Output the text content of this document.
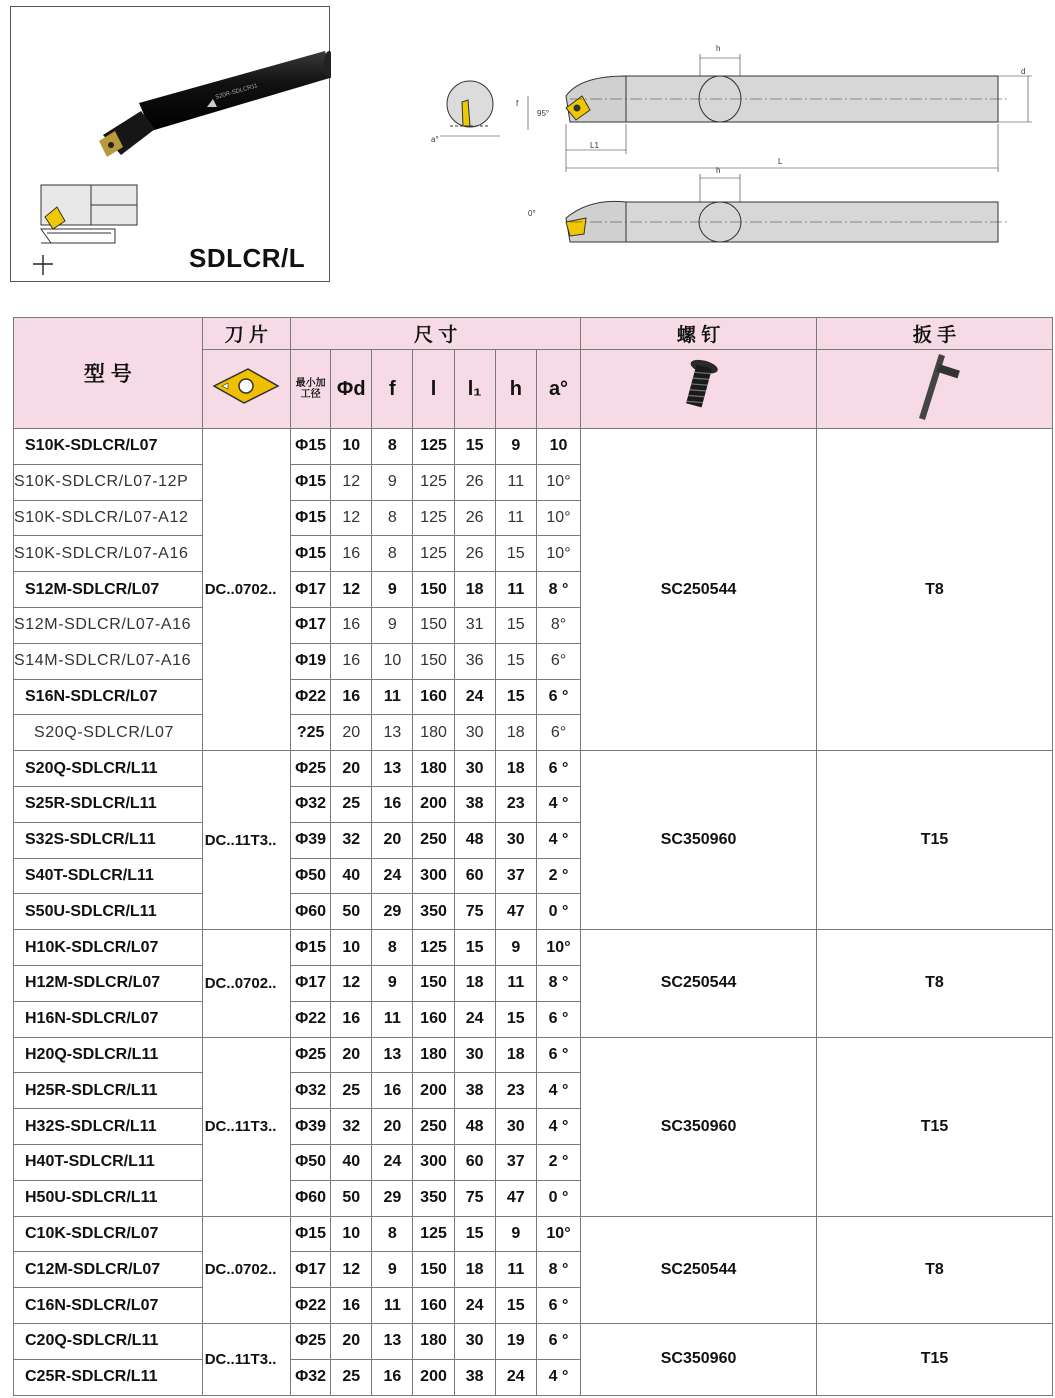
S20R-SDLCR11
SDLCR/L
a°
h
d
f
95°
L1
L
h
0°
型 号	刀 片	尺 寸							螺 钉	扳 手
	最小加
工径	Φd	f	l	l₁	h	a°		
S10K-SDLCR/L07	DC..0702..	Φ15	10	8	125	15	9	10	SC250544	T8
S10K-SDLCR/L07-12P		Φ15	12	9	125	26	11	10°		
S10K-SDLCR/L07-A12		Φ15	12	8	125	26	11	10°		
S10K-SDLCR/L07-A16		Φ15	16	8	125	26	15	10°		
S12M-SDLCR/L07		Φ17	12	9	150	18	11	8 °		
S12M-SDLCR/L07-A16		Φ17	16	9	150	31	15	8°		
S14M-SDLCR/L07-A16		Φ19	16	10	150	36	15	6°		
S16N-SDLCR/L07		Φ22	16	11	160	24	15	6 °		
S20Q-SDLCR/L07		?25	20	13	180	30	18	6°		
S20Q-SDLCR/L11	DC..11T3..	Φ25	20	13	180	30	18	6 °	SC350960	T15
S25R-SDLCR/L11		Φ32	25	16	200	38	23	4 °		
S32S-SDLCR/L11		Φ39	32	20	250	48	30	4 °		
S40T-SDLCR/L11		Φ50	40	24	300	60	37	2 °		
S50U-SDLCR/L11		Φ60	50	29	350	75	47	0 °		
H10K-SDLCR/L07	DC..0702..	Φ15	10	8	125	15	9	10°	SC250544	T8
H12M-SDLCR/L07		Φ17	12	9	150	18	11	8 °		
H16N-SDLCR/L07		Φ22	16	11	160	24	15	6 °		
H20Q-SDLCR/L11	DC..11T3..	Φ25	20	13	180	30	18	6 °	SC350960	T15
H25R-SDLCR/L11		Φ32	25	16	200	38	23	4 °		
H32S-SDLCR/L11		Φ39	32	20	250	48	30	4 °		
H40T-SDLCR/L11		Φ50	40	24	300	60	37	2 °		
H50U-SDLCR/L11		Φ60	50	29	350	75	47	0 °		
C10K-SDLCR/L07	DC..0702..	Φ15	10	8	125	15	9	10°	SC250544	T8
C12M-SDLCR/L07		Φ17	12	9	150	18	11	8 °		
C16N-SDLCR/L07		Φ22	16	11	160	24	15	6 °		
C20Q-SDLCR/L11	DC..11T3..	Φ25	20	13	180	30	19	6 °	SC350960	T15
C25R-SDLCR/L11		Φ32	25	16	200	38	24	4 °		
